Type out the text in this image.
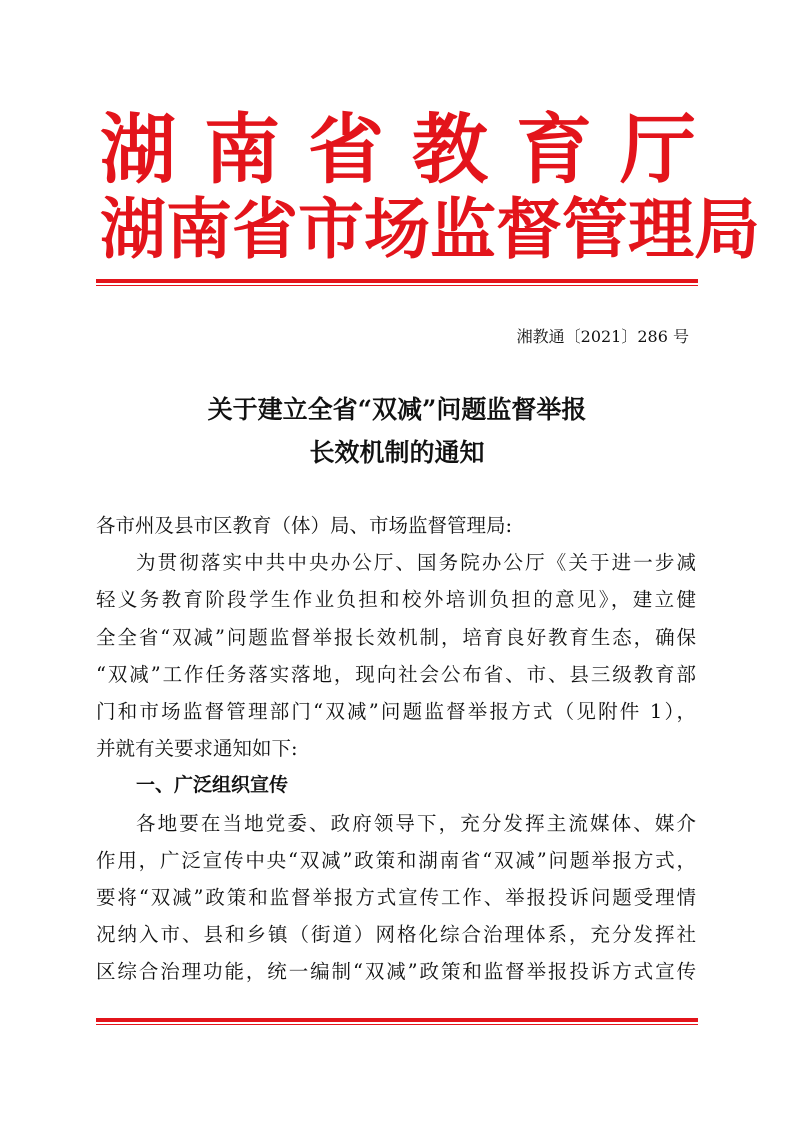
湖南省教育厅
湖南省市场监督管理局
湘教通〔2021〕286 号
关于建立全省“双减”问题监督举报
长效机制的通知
各市州及县市区教育（体）局、市场监督管理局:
为贯彻落实中共中央办公厅、国务院办公厅《关于进一步减
轻义务教育阶段学生作业负担和校外培训负担的意见》，建立健
全全省“双减”问题监督举报长效机制，培育良好教育生态，确保
“双减”工作任务落实落地，现向社会公布省、市、县三级教育部
门和市场监督管理部门“双减”问题监督举报方式（见附件 1），
并就有关要求通知如下:
一、广泛组织宣传
各地要在当地党委、政府领导下，充分发挥主流媒体、媒介
作用，广泛宣传中央“双减”政策和湖南省“双减”问题举报方式，
要将“双减”政策和监督举报方式宣传工作、举报投诉问题受理情
况纳入市、县和乡镇（街道）网格化综合治理体系，充分发挥社
区综合治理功能，统一编制“双减”政策和监督举报投诉方式宣传
